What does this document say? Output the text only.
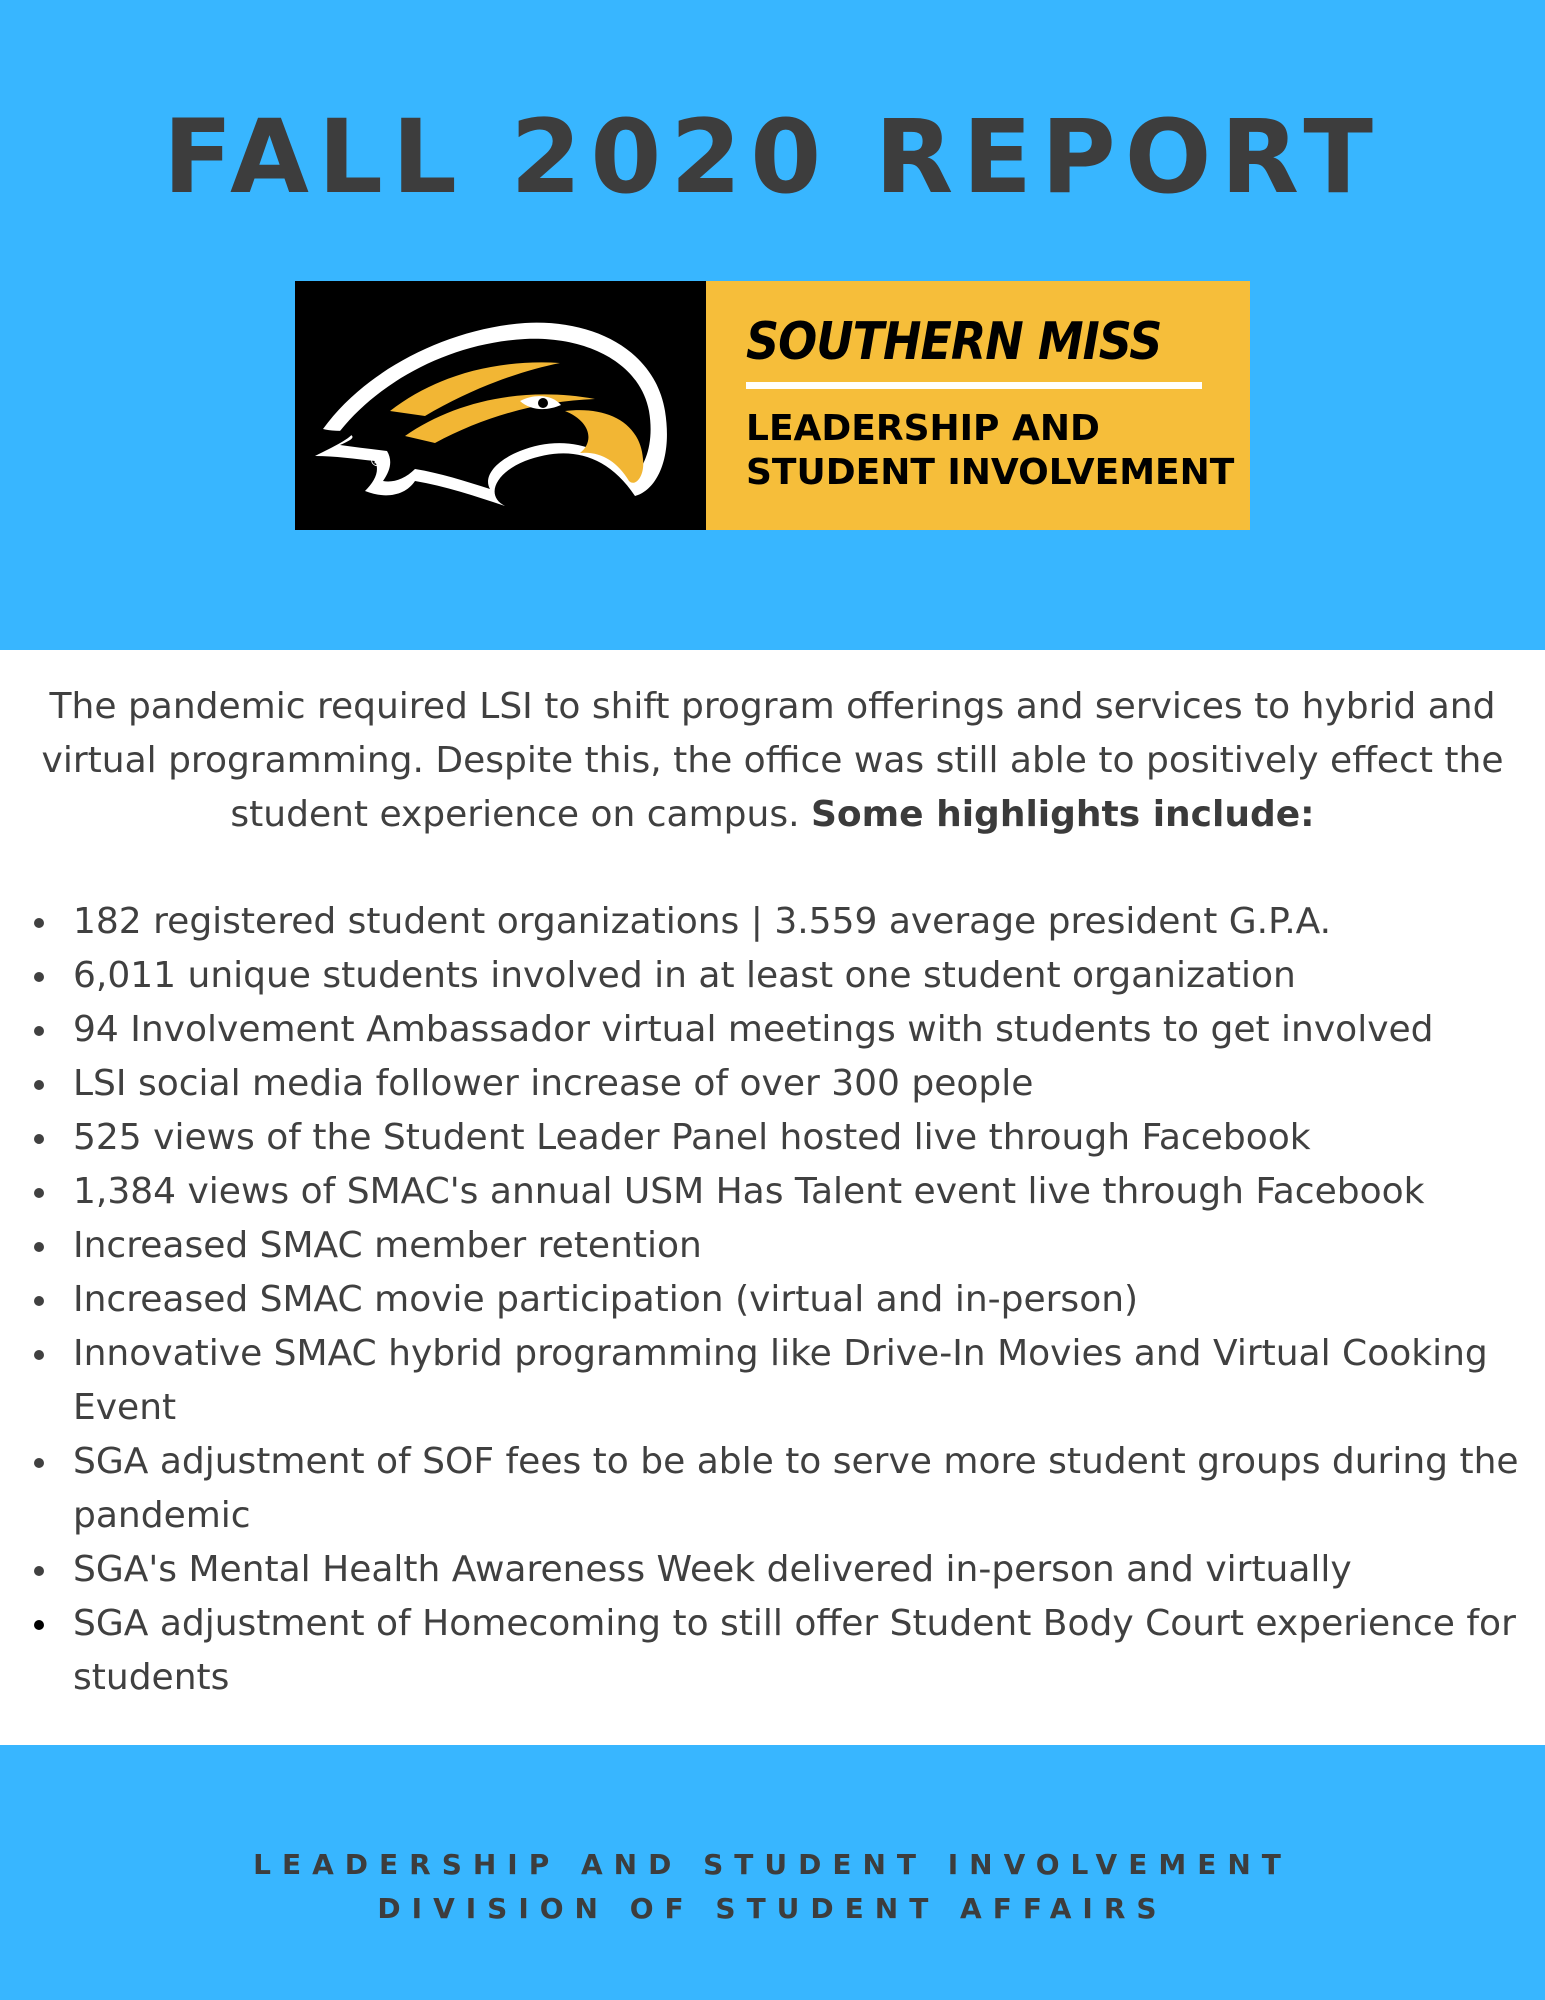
FALL 2020 REPORT
®
SOUTHERN MISS
LEADERSHIP AND
STUDENT INVOLVEMENT

The pandemic required LSI to shift program offerings and services to hybrid and virtual programming. Despite this, the office was still able to positively effect the student experience on campus. Some highlights include:

182 registered student organizations | 3.559 average president G.P.A.
6,011 unique students involved in at least one student organization
94 Involvement Ambassador virtual meetings with students to get involved
LSI social media follower increase of over 300 people
525 views of the Student Leader Panel hosted live through Facebook
1,384 views of SMAC's annual USM Has Talent event live through Facebook
Increased SMAC member retention
Increased SMAC movie participation (virtual and in-person)
Innovative SMAC hybrid programming like Drive-In Movies and Virtual Cooking Event
SGA adjustment of SOF fees to be able to serve more student groups during the pandemic
SGA's Mental Health Awareness Week delivered in-person and virtually
SGA adjustment of Homecoming to still offer Student Body Court experience for students
LEADERSHIP AND STUDENT INVOLVEMENT
DIVISION OF STUDENT AFFAIRS
